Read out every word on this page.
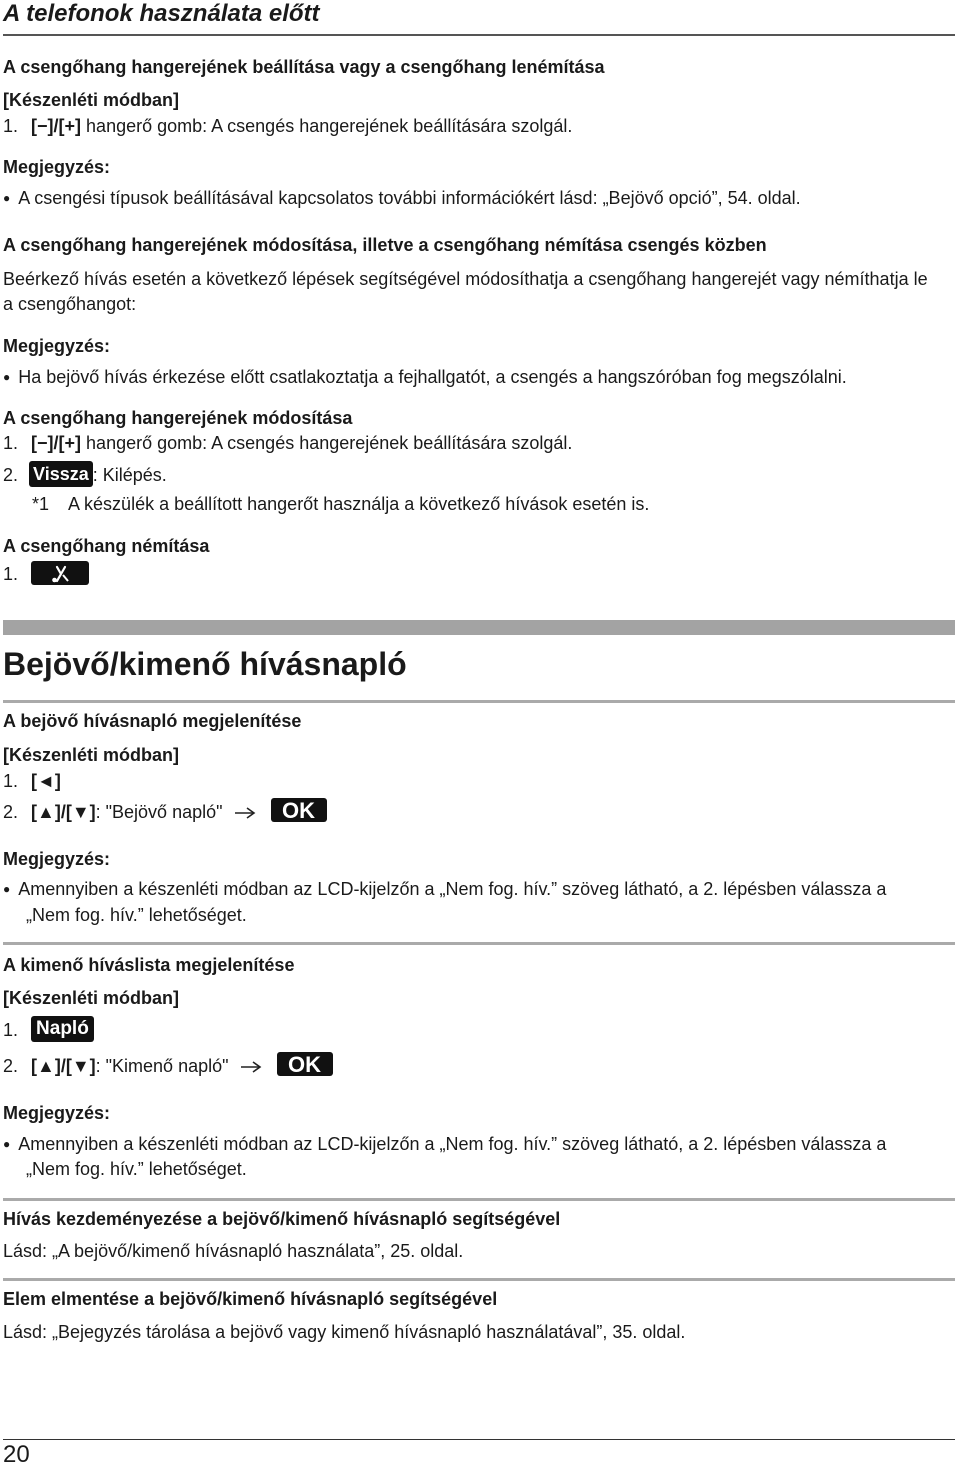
A telefonok használata előtt
A csengőhang hangerejének beállítása vagy a csengőhang lenémítása
[Készenléti módban]
1. [−]/[+] hangerő gomb: A csengés hangerejének beállítására szolgál.
Megjegyzés:
● A csengési típusok beállításával kapcsolatos további információkért lásd: „Bejövő opció”, 54. oldal.
A csengőhang hangerejének módosítása, illetve a csengőhang némítása csengés közben
Beérkező hívás esetén a következő lépések segítségével módosíthatja a csengőhang hangerejét vagy némíthatja le
a csengőhangot:
Megjegyzés:
● Ha bejövő hívás érkezése előtt csatlakoztatja a fejhallgatót, a csengés a hangszóróban fog megszólalni.
A csengőhang hangerejének módosítása
1. [−]/[+] hangerő gomb: A csengés hangerejének beállítására szolgál.
2. Vissza : Kilépés.
*1 A készülék a beállított hangerőt használja a következő hívások esetén is.
A csengőhang némítása
1.
Bejövő/kimenő hívásnapló
A bejövő hívásnapló megjelenítése
[Készenléti módban]
1. [◄]
2. [▲]/[▼]: "Bejövő napló"	OK
Megjegyzés:
● Amennyiben a készenléti módban az LCD-kijelzőn a „Nem fog. hív.” szöveg látható, a 2. lépésben válassza a
„Nem fog. hív.” lehetőséget.
A kimenő híváslista megjelenítése
[Készenléti módban]
1. Napló
2. [▲]/[▼]: "Kimenő napló"	OK
Megjegyzés:
● Amennyiben a készenléti módban az LCD-kijelzőn a „Nem fog. hív.” szöveg látható, a 2. lépésben válassza a
„Nem fog. hív.” lehetőséget.
Hívás kezdeményezése a bejövő/kimenő hívásnapló segítségével
Lásd: „A bejövő/kimenő hívásnapló használata”, 25. oldal.
Elem elmentése a bejövő/kimenő hívásnapló segítségével
Lásd: „Bejegyzés tárolása a bejövő vagy kimenő hívásnapló használatával”, 35. oldal.
20
